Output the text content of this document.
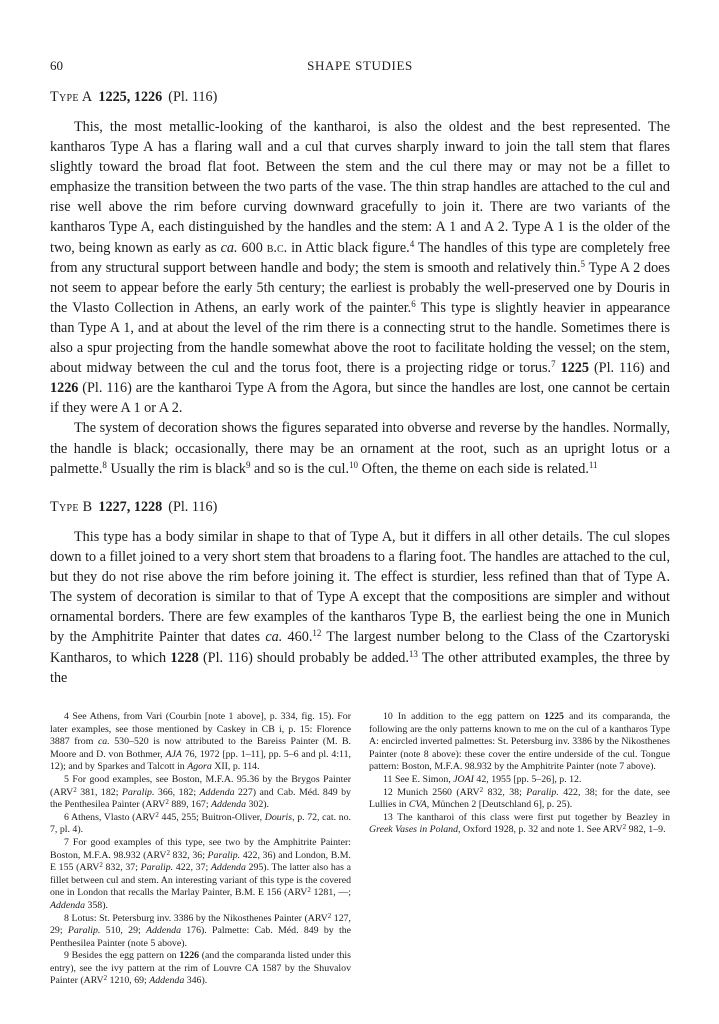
60	SHAPE STUDIES
Type A 1225, 1226 (Pl. 116)

This, the most metallic-looking of the kantharoi, is also the oldest and the best represented. The kantharos Type A has a flaring wall and a cul that curves sharply inward to join the tall stem that flares slightly toward the broad flat foot. Between the stem and the cul there may or may not be a fillet to emphasize the transition between the two parts of the vase. The thin strap handles are attached to the cul and rise well above the rim before curving downward gracefully to join it. There are two variants of the kantharos Type A, each distinguished by the handles and the stem: A 1 and A 2. Type A 1 is the older of the two, being known as early as ca. 600 b.c. in Attic black figure.$^4$ The handles of this type are completely free from any structural support between handle and body; the stem is smooth and relatively thin.$^5$ Type A 2 does not seem to appear before the early 5th century; the earliest is probably the well-preserved one by Douris in the Vlasto Collection in Athens, an early work of the painter.$^6$ This type is slightly heavier in appearance than Type A 1, and at about the level of the rim there is a connecting strut to the handle. Sometimes there is also a spur projecting from the handle somewhat above the root to facilitate holding the vessel; on the stem, about midway between the cul and the torus foot, there is a projecting ridge or torus.$^7$ 1225 (Pl. 116) and 1226 (Pl. 116) are the kantharoi Type A from the Agora, but since the handles are lost, one cannot be certain if they were A 1 or A 2.

The system of decoration shows the figures separated into obverse and reverse by the handles. Normally, the handle is black; occasionally, there may be an ornament at the root, such as an upright lotus or a palmette.$^8$ Usually the rim is black$^9$ and so is the cul.$^{10}$ Often, the theme on each side is related.$^{11}$

Type B 1227, 1228 (Pl. 116)

This type has a body similar in shape to that of Type A, but it differs in all other details. The cul slopes down to a fillet joined to a very short stem that broadens to a flaring foot. The handles are attached to the cul, but they do not rise above the rim before joining it. The effect is sturdier, less refined than that of Type A. The system of decoration is similar to that of Type A except that the compositions are simpler and without ornamental borders. There are few examples of the kantharos Type B, the earliest being the one in Munich by the Amphitrite Painter that dates ca. 460.12 The largest number belong to the Class of the Czartoryski Kantharos, to which 1228 (Pl. 116) should probably be added.$^{13}$ The other attributed examples, the three by the

4 See Athens, from Vari (Courbin [note 1 above], p. 334, fig. 15). For later examples, see those mentioned by Caskey in CB i, p. 15: Florence 3887 from ca. 530–520 is now attributed to the Bareiss Painter (M. B. Moore and D. von Bothmer, AJA 76, 1972 [pp. 1–11], pp. 5–6 and pl. 4:11, 12); and by Sparkes and Talcott in Agora XII, p. 114.

5 For good examples, see Boston, M.F.A. 95.36 by the Brygos Painter (ARV$^2$ 381, 182; Paralip. 366, 182; Addenda 227) and Cab. Méd. 849 by the Penthesilea Painter (ARV$^2$ 889, 167; Addenda 302).

6 Athens, Vlasto (ARV$^2$ 445, 255; Buitron-Oliver, Douris, p. 72, cat. no. 7, pl. 4).

7 For good examples of this type, see two by the Amphitrite Painter: Boston, M.F.A. 98.932 (ARV$^2$ 832, 36; Paralip. 422, 36) and London, B.M. E 155 (ARV$^2$ 832, 37; Paralip. 422, 37; Addenda 295). The latter also has a fillet between cul and stem. An interesting variant of this type is the covered one in London that recalls the Marlay Painter, B.M. E 156 (ARV$^2$ 1281, —; Addenda 358).

8 Lotus: St. Petersburg inv. 3386 by the Nikosthenes Painter (ARV$^2$ 127, 29; Paralip. 510, 29; Addenda 176). Palmette: Cab. Méd. 849 by the Penthesilea Painter (note 5 above).

9 Besides the egg pattern on 1226 (and the comparanda listed under this entry), see the ivy pattern at the rim of Louvre CA 1587 by the Shuvalov Painter (ARV$^2$ 1210, 69; Addenda 346).

10 In addition to the egg pattern on 1225 and its comparanda, the following are the only patterns known to me on the cul of a kantharos Type A: encircled inverted palmettes: St. Petersburg inv. 3386 by the Nikosthenes Painter (note 8 above): these cover the entire underside of the cul. Tongue pattern: Boston, M.F.A. 98.932 by the Amphitrite Painter (note 7 above).

11 See E. Simon, JOAI 42, 1955 [pp. 5–26], p. 12.

12 Munich 2560 (ARV$^2$ 832, 38; Paralip. 422, 38; for the date, see Lullies in CVA, München 2 [Deutschland 6], p. 25).

13 The kantharoi of this class were first put together by Beazley in Greek Vases in Poland, Oxford 1928, p. 32 and note 1. See ARV$^2$ 982, 1–9.
